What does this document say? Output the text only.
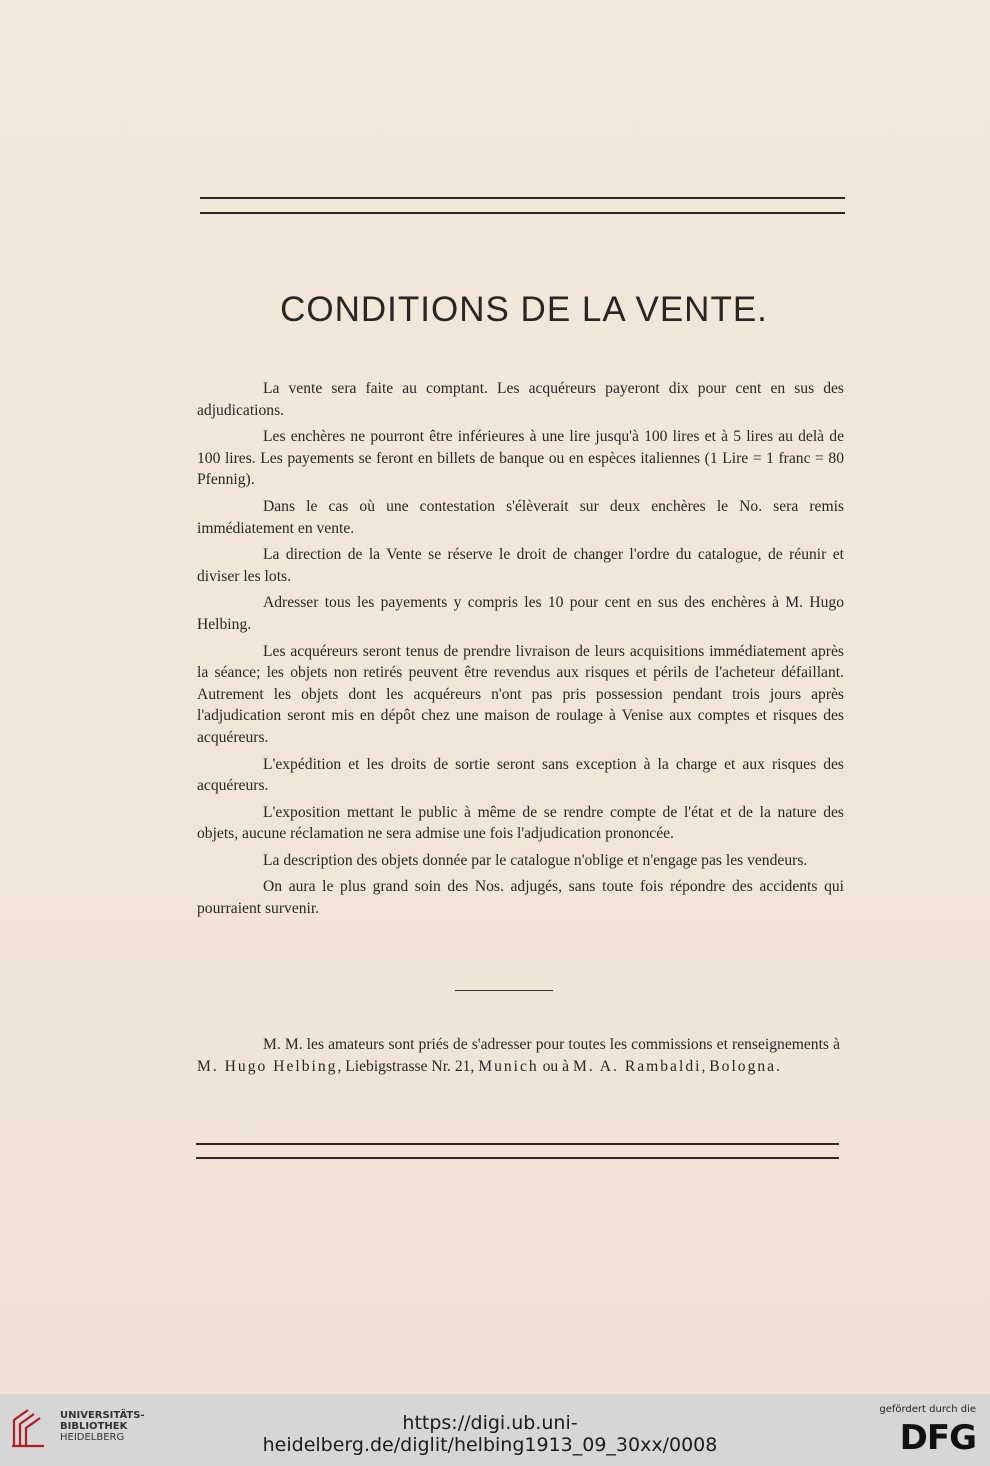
CONDITIONS DE LA VENTE.

La vente sera faite au comptant. Les acquéreurs payeront dix pour cent en sus des adjudications.

Les enchères ne pourront être inférieures à une lire jusqu'à 100 lires et à 5 lires au delà de 100 lires. Les payements se feront en billets de banque ou en espèces italiennes (1 Lire = 1 franc = 80 Pfennig).

Dans le cas où une contestation s'élèverait sur deux enchères le No. sera remis immédiatement en vente.

La direction de la Vente se réserve le droit de changer l'ordre du catalogue, de réunir et diviser les lots.

Adresser tous les payements y compris les 10 pour cent en sus des enchères à M. Hugo Helbing.

Les acquéreurs seront tenus de prendre livraison de leurs acquisitions immédiatement après la séance; les objets non retirés peuvent être revendus aux risques et périls de l'acheteur défaillant. Autrement les objets dont les acquéreurs n'ont pas pris possession pendant trois jours après l'adjudication seront mis en dépôt chez une maison de roulage à Venise aux comptes et risques des acquéreurs.

L'expédition et les droits de sortie seront sans exception à la charge et aux risques des acquéreurs.

L'exposition mettant le public à même de se rendre compte de l'état et de la nature des objets, aucune réclamation ne sera admise une fois l'adjudication prononcée.

La description des objets donnée par le catalogue n'oblige et n'engage pas les vendeurs.

On aura le plus grand soin des Nos. adjugés, sans toute fois répondre des accidents qui pourraient survenir.

M. M. les amateurs sont priés de s'adresser pour toutes les commissions et renseignements à M. Hugo Helbing, Liebigstrasse Nr. 21, Munich ou à M. A. Rambaldi, Bologna.

UNIVERSITÄTS-
BIBLIOTHEK
HEIDELBERG
https://digi.ub.uni-heidelberg.de/diglit/helbing1913_09_30xx/0008
gefördert durch die
DFG
